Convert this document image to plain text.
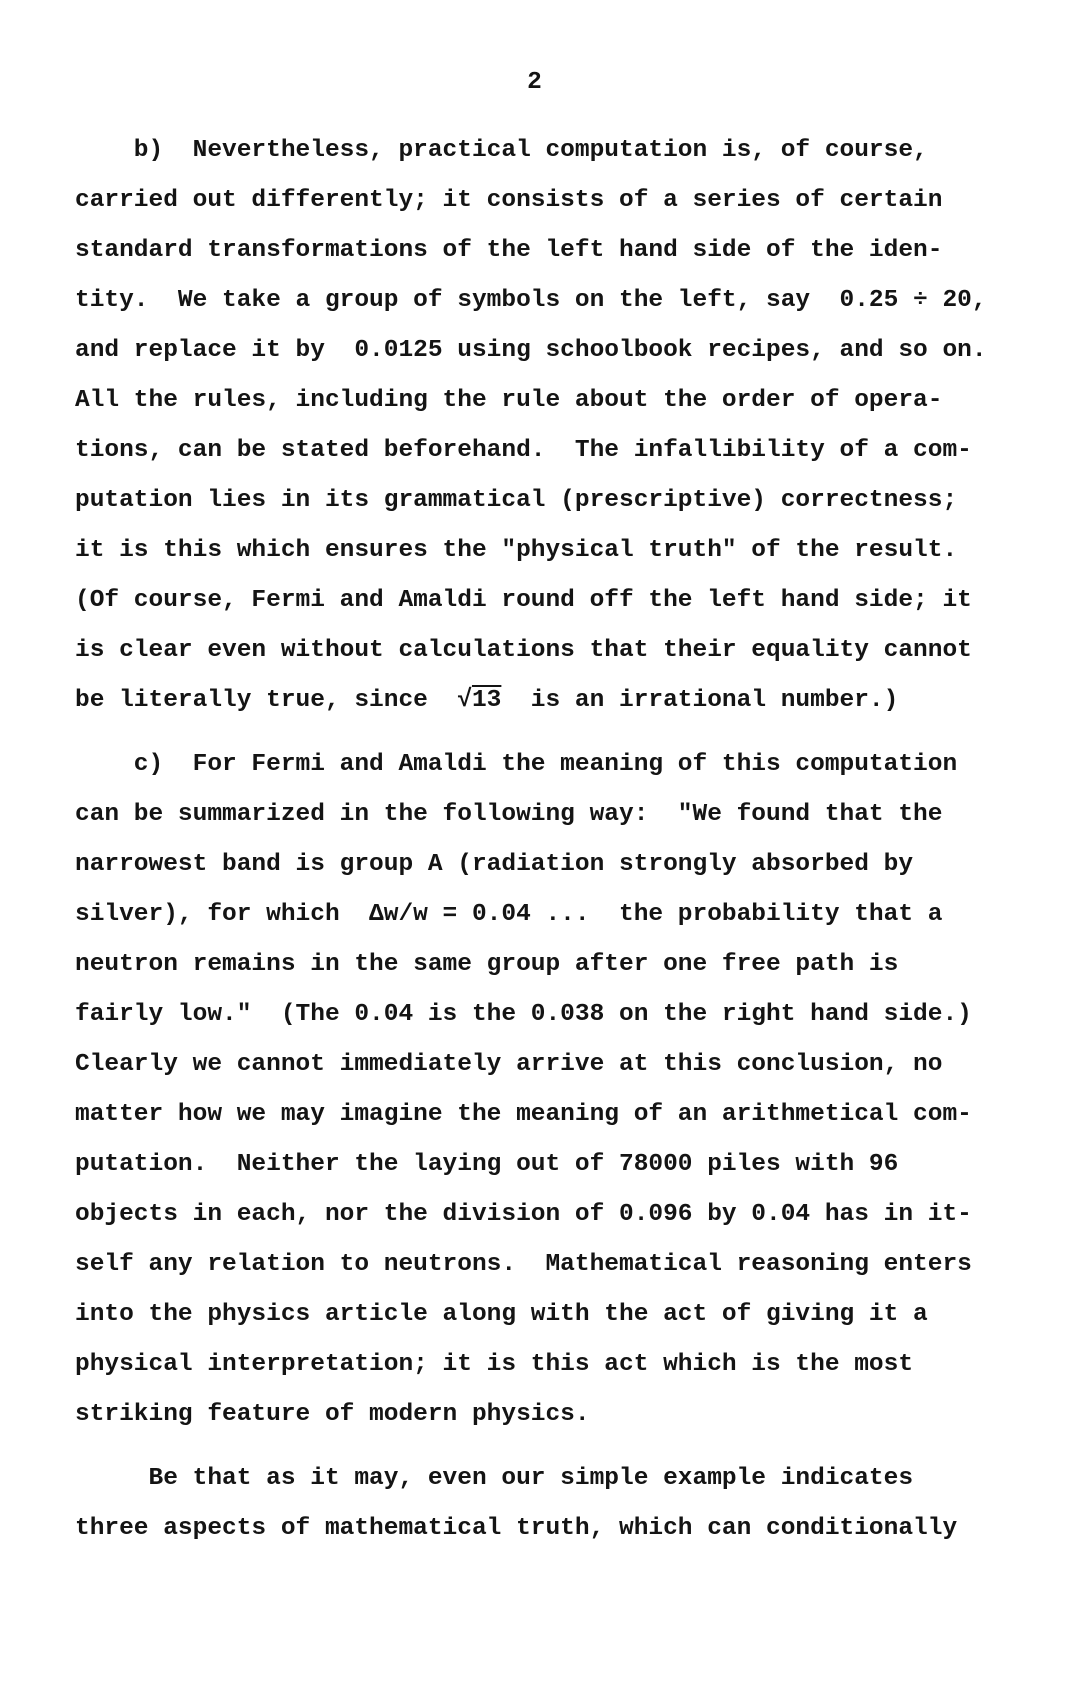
2
b)  Nevertheless, practical computation is, of course,
carried out differently; it consists of a series of certain
standard transformations of the left hand side of the iden-
tity.  We take a group of symbols on the left, say  0.25 ÷ 20,
and replace it by  0.0125 using schoolbook recipes, and so on.
All the rules, including the rule about the order of opera-
tions, can be stated beforehand.  The infallibility of a com-
putation lies in its grammatical (prescriptive) correctness;
it is this which ensures the "physical truth" of the result.
(Of course, Fermi and Amaldi round off the left hand side; it
is clear even without calculations that their equality cannot
be literally true, since  √13  is an irrational number.)
c)  For Fermi and Amaldi the meaning of this computation
can be summarized in the following way:  "We found that the
narrowest band is group A (radiation strongly absorbed by
silver), for which  Δw/w = 0.04 ...  the probability that a
neutron remains in the same group after one free path is
fairly low."  (The 0.04 is the 0.038 on the right hand side.)
Clearly we cannot immediately arrive at this conclusion, no
matter how we may imagine the meaning of an arithmetical com-
putation.  Neither the laying out of 78000 piles with 96
objects in each, nor the division of 0.096 by 0.04 has in it-
self any relation to neutrons.  Mathematical reasoning enters
into the physics article along with the act of giving it a
physical interpretation; it is this act which is the most
striking feature of modern physics.
Be that as it may, even our simple example indicates
three aspects of mathematical truth, which can conditionally
